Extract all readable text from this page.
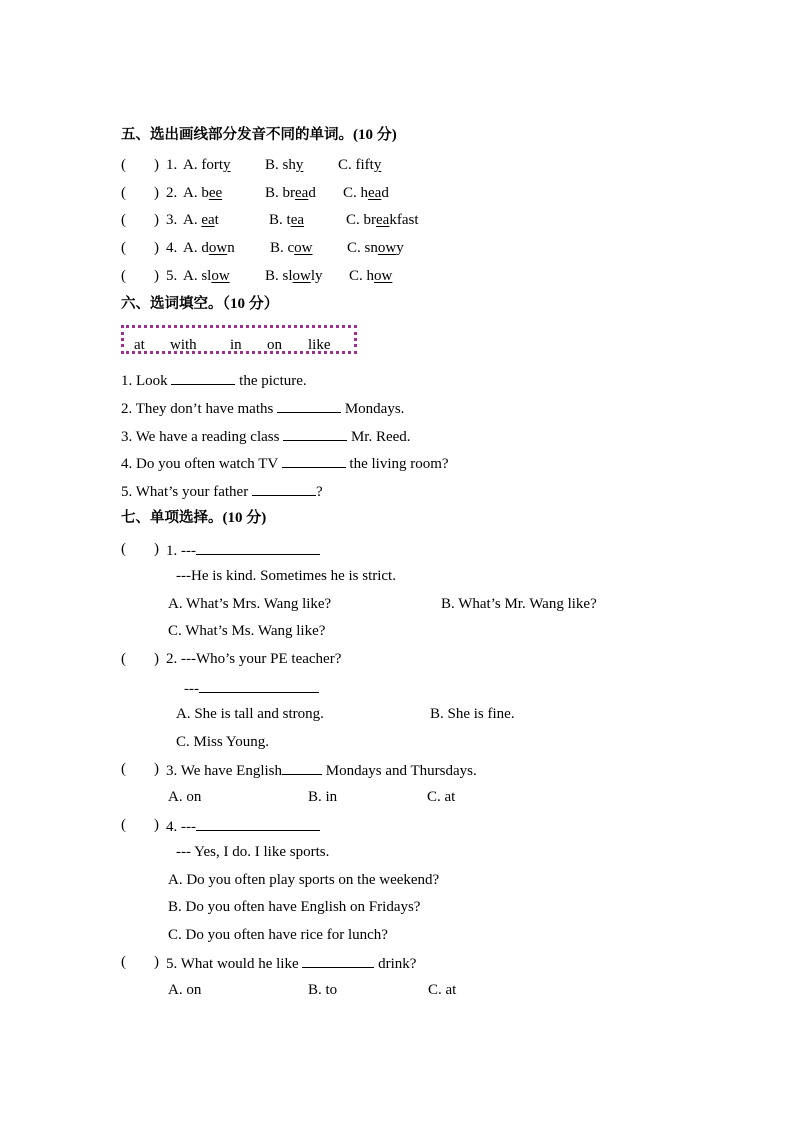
五、选出画线部分发音不同的单词。(10 分)
( ) 1. A. forty B. shy C. fifty
( ) 2. A. bee	B. bread C. head
( ) 3. A. eat	B. tea	C. breakfast
( ) 4. A. down B. cow C. snowy
( ) 5. A. slow B. slowly C. how
六、选词填空。（10 分）
at with in on like
1. Look	the picture.
2. They don’t have maths	Mondays.
3. We have a reading class	Mr. Reed.
4. Do you often watch TV	the living room?
5. What’s your father	?
七、单项选择。(10 分)
( ) 1. ---
---He is kind. Sometimes he is strict.
A. What’s Mrs. Wang like?	B. What’s Mr. Wang like?
C. What’s Ms. Wang like?
( ) 2. ---Who’s your PE teacher?
---
A. She is tall and strong.	B. She is fine.
C. Miss Young.
( ) 3. We have English	Mondays and Thursdays.
A. on	B. in	C. at
( ) 4. ---
--- Yes, I do. I like sports.
A. Do you often play sports on the weekend?
B. Do you often have English on Fridays?
C. Do you often have rice for lunch?
( ) 5. What would he like	drink?
A. on	B. to	C. at
